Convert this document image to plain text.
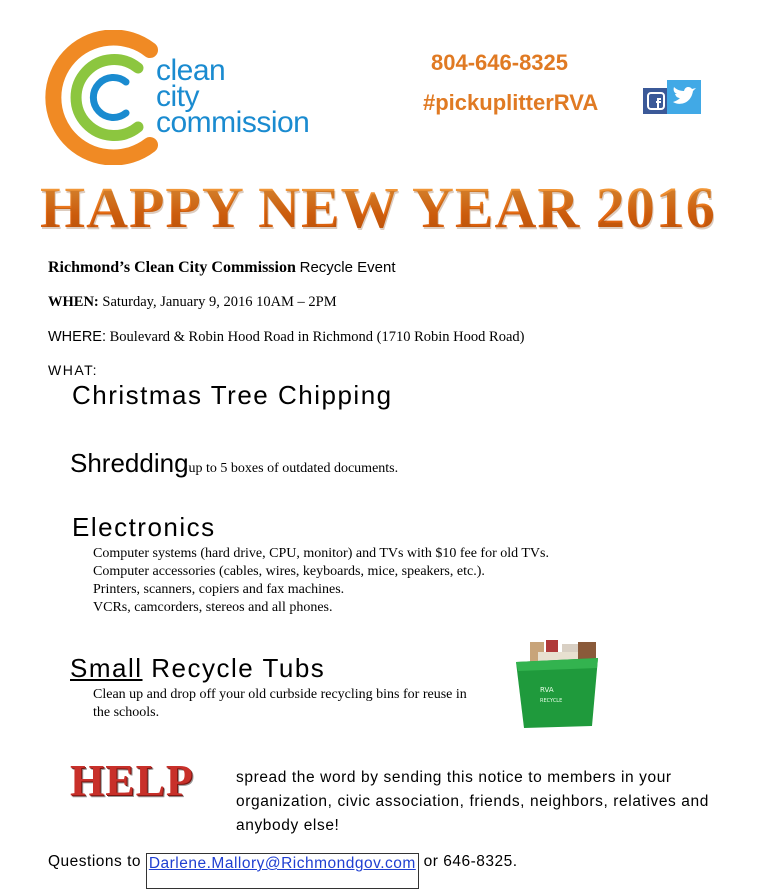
clean
city
commission
804-646-8325
#pickuplitterRVA
HAPPY NEW YEAR 2016
Richmond’s Clean City Commission Recycle Event
WHEN: Saturday, January 9, 2016 10AM – 2PM
WHERE: Boulevard & Robin Hood Road in Richmond (1710 Robin Hood Road)
WHAT:
Christmas Tree Chipping
Shreddingup to 5 boxes of outdated documents.
Electronics
Computer systems (hard drive, CPU, monitor) and TVs with $10 fee for old TVs.
Computer accessories (cables, wires, keyboards, mice, speakers, etc.).
Printers, scanners, copiers and fax machines.
VCRs, camcorders, stereos and all phones.
Small Recycle Tubs
Clean up and drop off your old curbside recycling bins for reuse in the schools.
RVA
RECYCLE
HELP	spread the word by sending this notice to members in your organization, civic association, friends, neighbors, relatives and anybody else!
Questions to Darlene.Mallory@Richmondgov.com or 646-8325.
